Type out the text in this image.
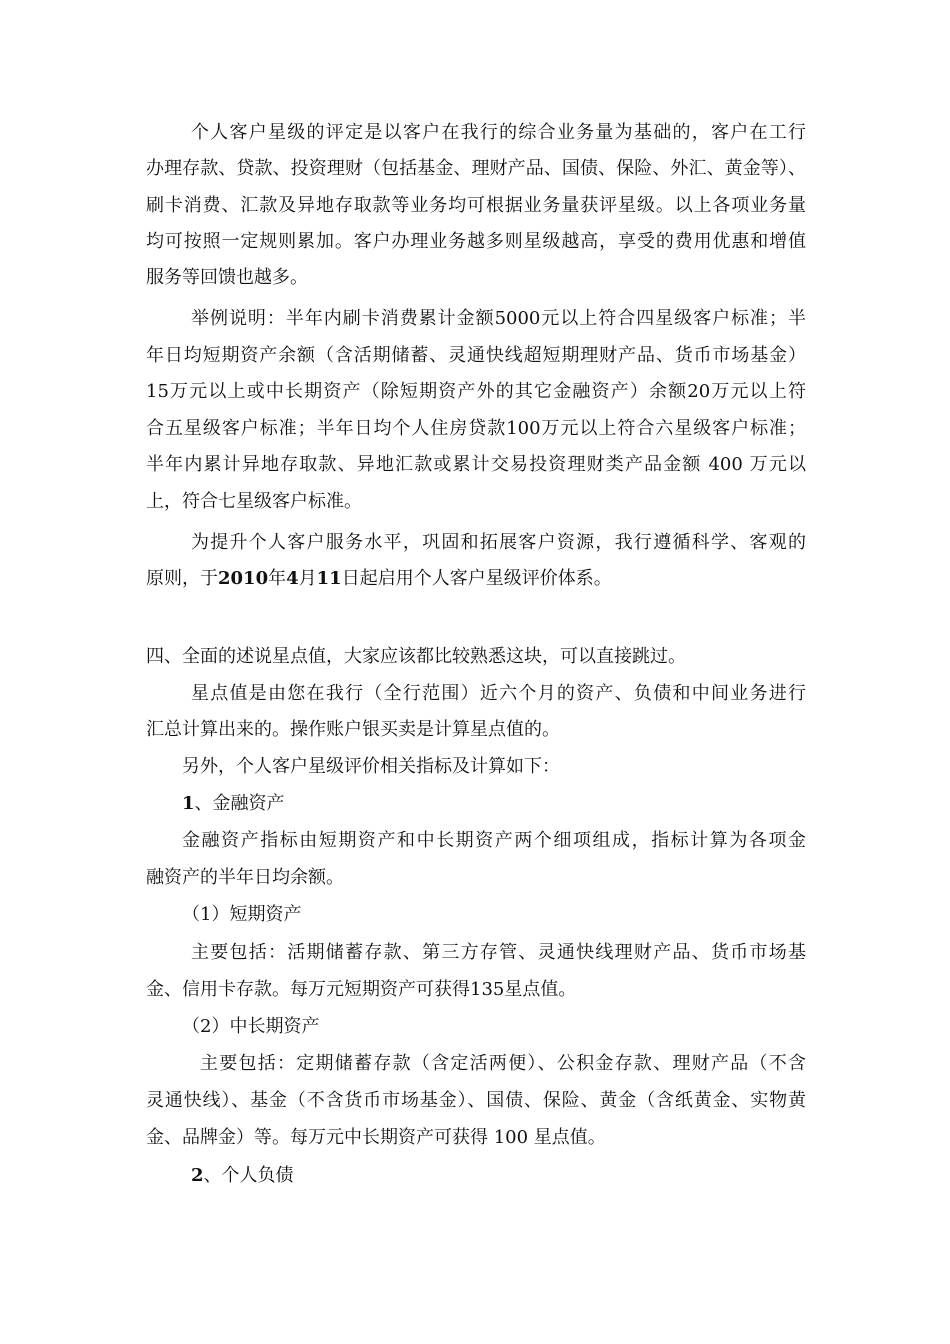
个人客户星级的评定是以客户在我行的综合业务量为基础的，客户在工行
办理存款、贷款、投资理财（包括基金、理财产品、国债、保险、外汇、黄金等）、
刷卡消费、汇款及异地存取款等业务均可根据业务量获评星级。以上各项业务量
均可按照一定规则累加。客户办理业务越多则星级越高，享受的费用优惠和增值
服务等回馈也越多。
举例说明：半年内刷卡消费累计金额5000元以上符合四星级客户标准；半
年日均短期资产余额（含活期储蓄、灵通快线超短期理财产品、货币市场基金）
15万元以上或中长期资产（除短期资产外的其它金融资产）余额20万元以上符
合五星级客户标准；半年日均个人住房贷款100万元以上符合六星级客户标准；
半年内累计异地存取款、异地汇款或累计交易投资理财类产品金额 400 万元以
上，符合七星级客户标准。
为提升个人客户服务水平，巩固和拓展客户资源，我行遵循科学、客观的
原则，于2010年4月11日起启用个人客户星级评价体系。
四、全面的述说星点值，大家应该都比较熟悉这块，可以直接跳过。
星点值是由您在我行（全行范围）近六个月的资产、负债和中间业务进行
汇总计算出来的。操作账户银买卖是计算星点值的。
另外，个人客户星级评价相关指标及计算如下：
1、金融资产
金融资产指标由短期资产和中长期资产两个细项组成，指标计算为各项金
融资产的半年日均余额。
（1）短期资产
主要包括：活期储蓄存款、第三方存管、灵通快线理财产品、货币市场基
金、信用卡存款。每万元短期资产可获得135星点值。
（2）中长期资产
主要包括：定期储蓄存款（含定活两便）、公积金存款、理财产品（不含
灵通快线）、基金（不含货币市场基金）、国债、保险、黄金（含纸黄金、实物黄
金、品牌金）等。每万元中长期资产可获得 100 星点值。
2、个人负债
